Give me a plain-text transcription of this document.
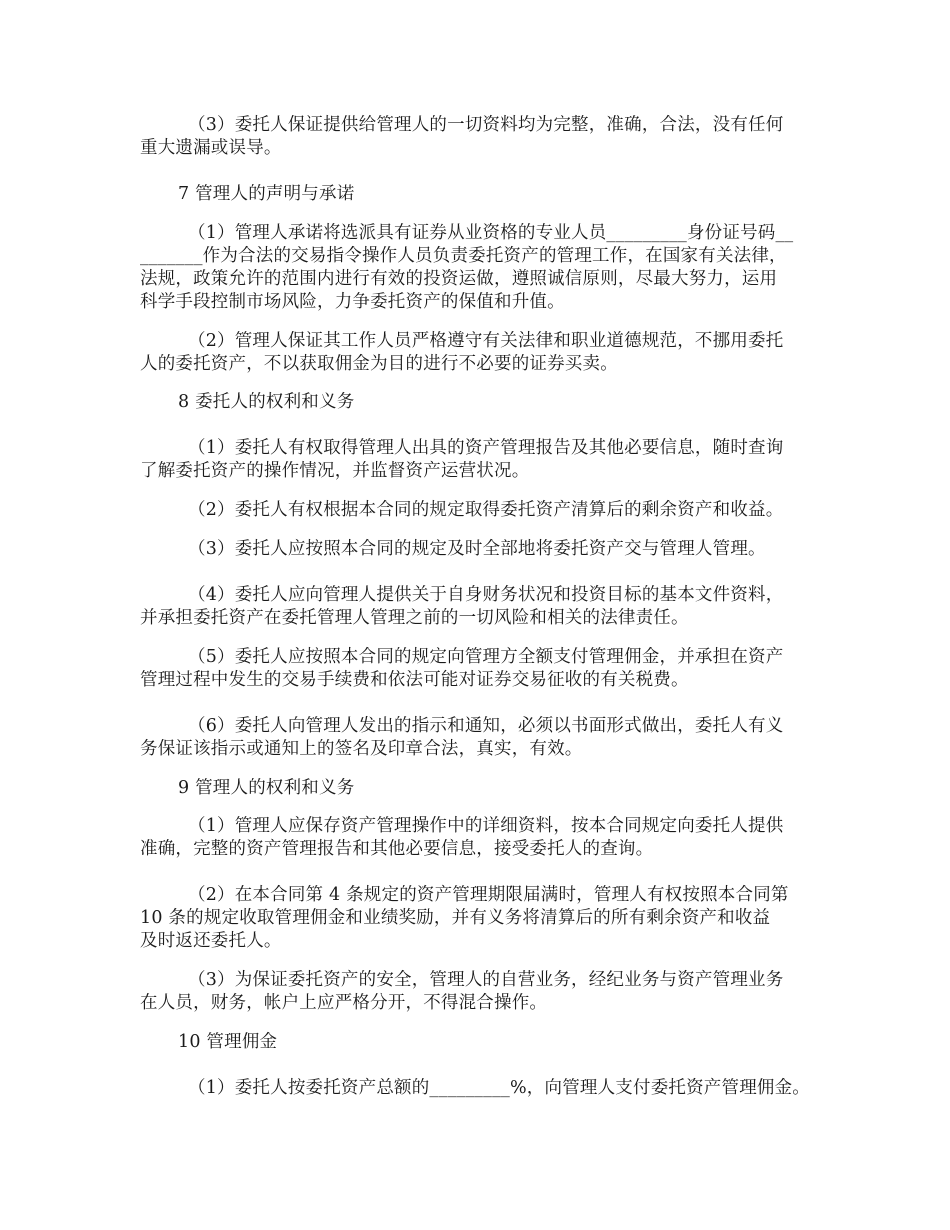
（3）委托人保证提供给管理人的一切资料均为完整，准确，合法，没有任何

重大遗漏或误导。

7 管理人的声明与承诺

（1）管理人承诺将选派具有证券从业资格的专业人员_________身份证号码__

_______作为合法的交易指令操作人员负责委托资产的管理工作，在国家有关法律，

法规，政策允许的范围内进行有效的投资运做，遵照诚信原则，尽最大努力，运用

科学手段控制市场风险，力争委托资产的保值和升值。

（2）管理人保证其工作人员严格遵守有关法律和职业道德规范，不挪用委托

人的委托资产，不以获取佣金为目的进行不必要的证券买卖。

8 委托人的权利和义务

（1）委托人有权取得管理人出具的资产管理报告及其他必要信息，随时查询

了解委托资产的操作情况，并监督资产运营状况。

（2）委托人有权根据本合同的规定取得委托资产清算后的剩余资产和收益。

（3）委托人应按照本合同的规定及时全部地将委托资产交与管理人管理。

（4）委托人应向管理人提供关于自身财务状况和投资目标的基本文件资料，

并承担委托资产在委托管理人管理之前的一切风险和相关的法律责任。

（5）委托人应按照本合同的规定向管理方全额支付管理佣金，并承担在资产

管理过程中发生的交易手续费和依法可能对证券交易征收的有关税费。

（6）委托人向管理人发出的指示和通知，必须以书面形式做出，委托人有义

务保证该指示或通知上的签名及印章合法，真实，有效。

9 管理人的权利和义务

（1）管理人应保存资产管理操作中的详细资料，按本合同规定向委托人提供

准确，完整的资产管理报告和其他必要信息，接受委托人的查询。

（2）在本合同第 4 条规定的资产管理期限届满时，管理人有权按照本合同第

10 条的规定收取管理佣金和业绩奖励，并有义务将清算后的所有剩余资产和收益

及时返还委托人。

（3）为保证委托资产的安全，管理人的自营业务，经纪业务与资产管理业务

在人员，财务，帐户上应严格分开，不得混合操作。

10 管理佣金

（1）委托人按委托资产总额的_________%，向管理人支付委托资产管理佣金。
